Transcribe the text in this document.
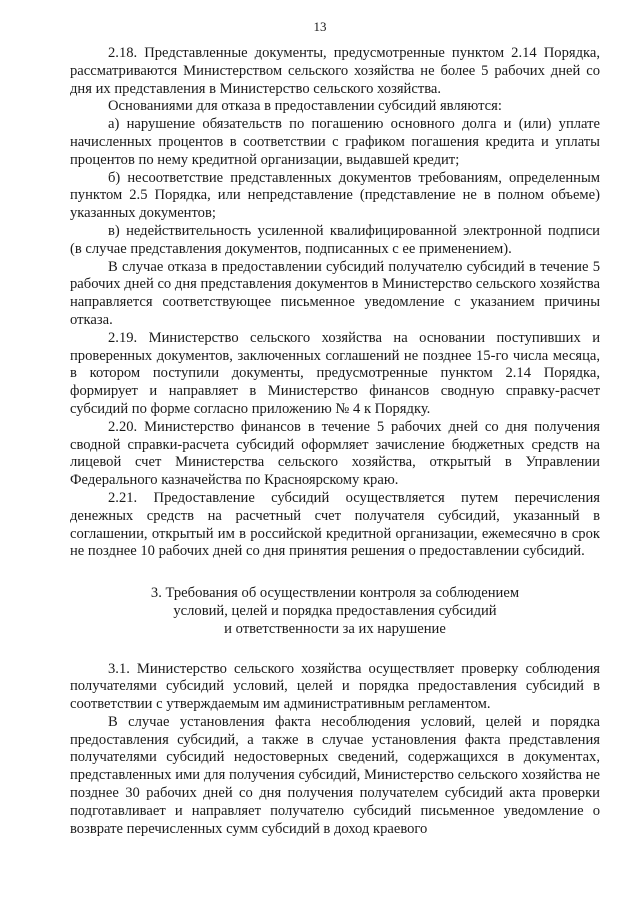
13

2.18. Представленные документы, предусмотренные пунктом 2.14 Порядка, рассматриваются Министерством сельского хозяйства не более 5 рабочих дней со дня их представления в Министерство сельского хозяйства.

Основаниями для отказа в предоставлении субсидий являются:

а) нарушение обязательств по погашению основного долга и (или) уплате начисленных процентов в соответствии с графиком погашения кредита и уплаты процентов по нему кредитной организации, выдавшей кредит;

б) несоответствие представленных документов требованиям, определенным пунктом 2.5 Порядка, или непредставление (представление не в полном объеме) указанных документов;

в) недействительность усиленной квалифицированной электронной подписи (в случае представления документов, подписанных с ее применением).

В случае отказа в предоставлении субсидий получателю субсидий в течение 5 рабочих дней со дня представления документов в Министерство сельского хозяйства направляется соответствующее письменное уведомление с указанием причины отказа.

2.19. Министерство сельского хозяйства на основании поступивших и проверенных документов, заключенных соглашений не позднее 15-го числа месяца, в котором поступили документы, предусмотренные пунктом 2.14 Порядка, формирует и направляет в Министерство финансов сводную справку-расчет субсидий по форме согласно приложению № 4 к Порядку.

2.20. Министерство финансов в течение 5 рабочих дней со дня получения сводной справки-расчета субсидий оформляет зачисление бюджетных средств на лицевой счет Министерства сельского хозяйства, открытый в Управлении Федерального казначейства по Красноярскому краю.

2.21. Предоставление субсидий осуществляется путем перечисления денежных средств на расчетный счет получателя субсидий, указанный в соглашении, открытый им в российской кредитной организации, ежемесячно в срок не позднее 10 рабочих дней со дня принятия решения о предоставлении субсидий.

3. Требования об осуществлении контроля за соблюдением
условий, целей и порядка предоставления субсидий
и ответственности за их нарушение

3.1. Министерство сельского хозяйства осуществляет проверку соблюдения получателями субсидий условий, целей и порядка предоставления субсидий в соответствии с утверждаемым им административным регламентом.

В случае установления факта несоблюдения условий, целей и порядка предоставления субсидий, а также в случае установления факта представления получателями субсидий недостоверных сведений, содержащихся в документах, представленных ими для получения субсидий, Министерство сельского хозяйства не позднее 30 рабочих дней со дня получения получателем субсидий акта проверки подготавливает и направляет получателю субсидий письменное уведомление о возврате перечисленных сумм субсидий в доход краевого
